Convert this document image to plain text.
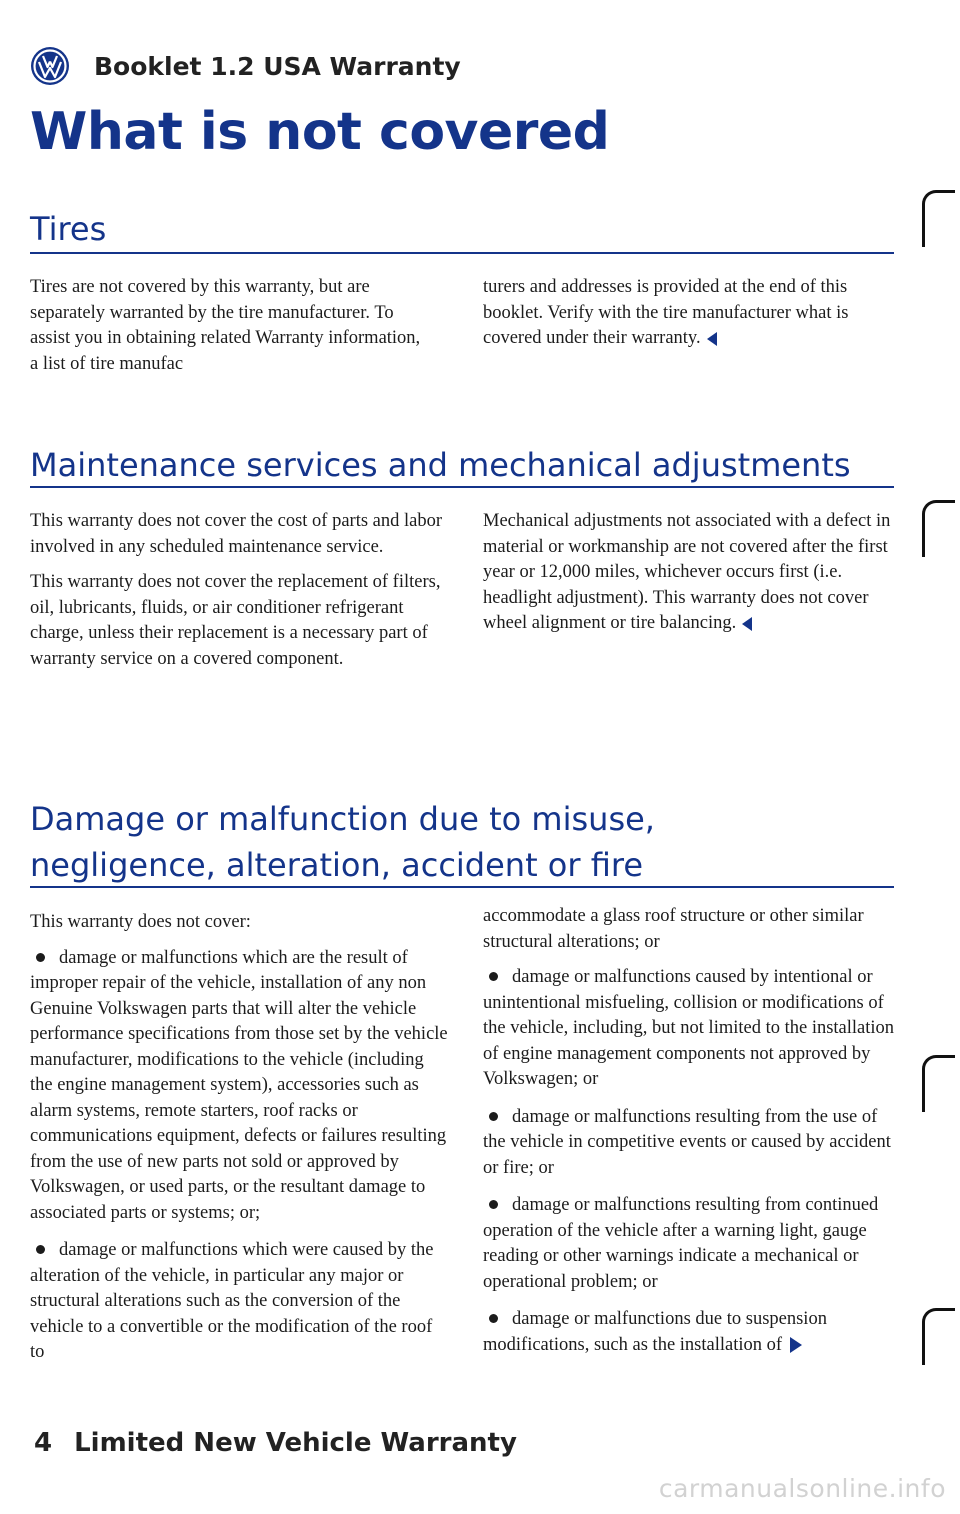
Booklet 1.2 USA Warranty
What is not covered
Tires

Tires are not covered by this warranty, but are separately warranted by the tire manufacturer. To assist you in obtaining related Warranty information, a list of tire manufac

turers and addresses is provided at the end of this booklet. Verify with the tire manufacturer what is covered under their warranty.

Maintenance services and mechanical adjustments

This warranty does not cover the cost of parts and labor involved in any scheduled maintenance service.

This warranty does not cover the replacement of filters, oil, lubricants, fluids, or air conditioner refrigerant charge, unless their replacement is a necessary part of warranty service on a covered component.

Mechanical adjustments not associated with a defect in material or workmanship are not covered after the first year or 12,000 miles, whichever occurs first (i.e. headlight adjustment). This warranty does not cover wheel alignment or tire balancing.

Damage or malfunction due to misuse, negligence, alteration, accident or fire

This warranty does not cover:

damage or malfunctions which are the result of improper repair of the vehicle, installation of any non Genuine Volkswagen parts that will alter the vehicle performance specifications from those set by the vehicle manufacturer, modifications to the vehicle (including the engine management system), accessories such as alarm systems, remote starters, roof racks or communications equipment, defects or failures resulting from the use of new parts not sold or approved by Volkswagen, or used parts, or the resultant damage to associated parts or systems; or;

damage or malfunctions which were caused by the alteration of the vehicle, in particular any major or structural alterations such as the conversion of the vehicle to a convertible or the modification of the roof to

accommodate a glass roof structure or other similar structural alterations; or

damage or malfunctions caused by intentional or unintentional misfueling, collision or modifications of the vehicle, including, but not limited to the installation of engine management components not approved by Volkswagen; or

damage or malfunctions resulting from the use of the vehicle in competitive events or caused by accident or fire; or

damage or malfunctions resulting from continued operation of the vehicle after a warning light, gauge reading or other warnings indicate a mechanical or operational problem; or

damage or malfunctions due to suspension modifications, such as the installation of

4 Limited New Vehicle Warranty
carmanualsonline.info
